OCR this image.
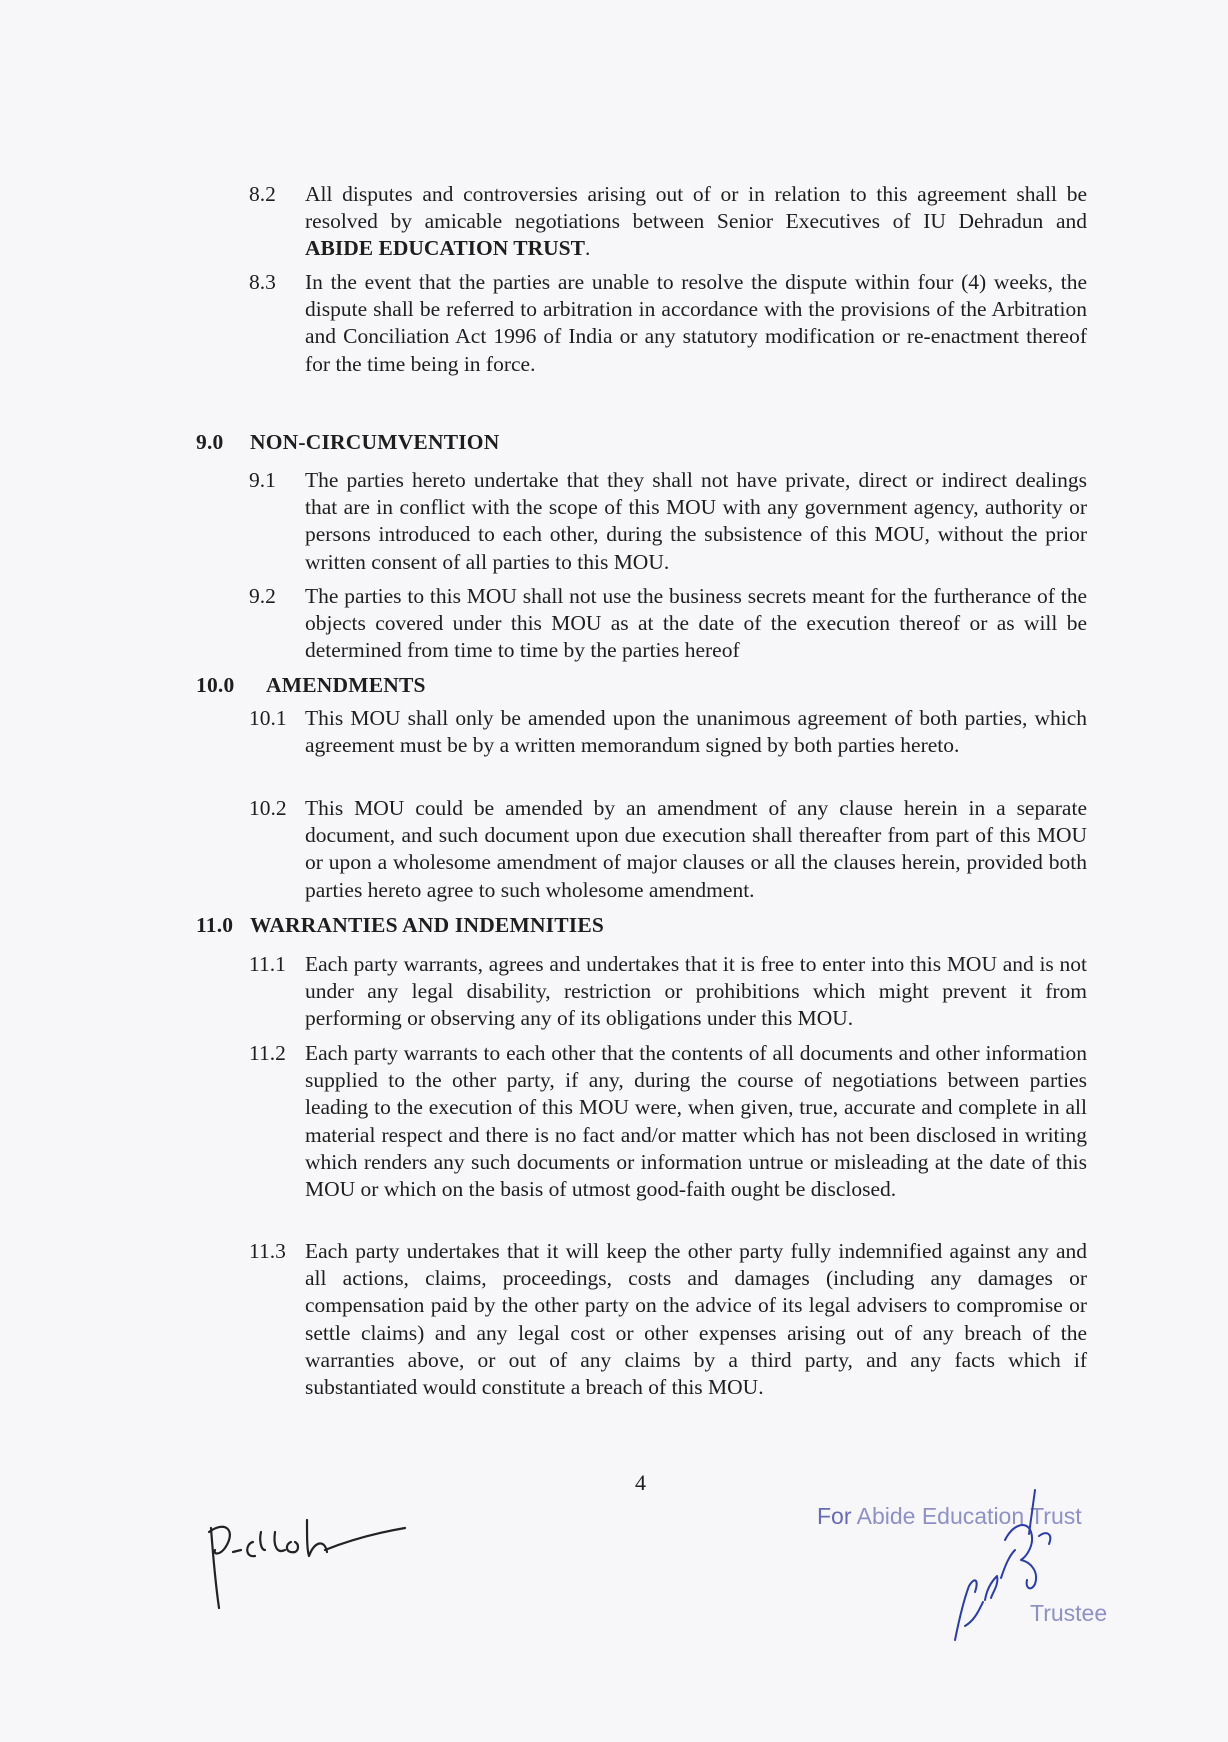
8.2	All disputes and controversies arising out of or in relation to this agreement shall be resolved by amicable negotiations between Senior Executives of IU Dehradun and ABIDE EDUCATION TRUST.
8.3	In the event that the parties are unable to resolve the dispute within four (4) weeks, the dispute shall be referred to arbitration in accordance with the provisions of the Arbitration and Conciliation Act 1996 of India or any statutory modification or re-enactment thereof for the time being in force.
9.0 NON-CIRCUMVENTION
9.1	The parties hereto undertake that they shall not have private, direct or indirect dealings that are in conflict with the scope of this MOU with any government agency, authority or persons introduced to each other, during the subsistence of this MOU, without the prior written consent of all parties to this MOU.
9.2	The parties to this MOU shall not use the business secrets meant for the furtherance of the objects covered under this MOU as at the date of the execution thereof or as will be determined from time to time by the parties hereof
10.0 AMENDMENTS
10.1 This MOU shall only be amended upon the unanimous agreement of both parties, which agreement must be by a written memorandum signed by both parties hereto.
10.2 This MOU could be amended by an amendment of any clause herein in a separate document, and such document upon due execution shall thereafter from part of this MOU or upon a wholesome amendment of major clauses or all the clauses herein, provided both parties hereto agree to such wholesome amendment.
11.0 WARRANTIES AND INDEMNITIES
11.1 Each party warrants, agrees and undertakes that it is free to enter into this MOU and is not under any legal disability, restriction or prohibitions which might prevent it from performing or observing any of its obligations under this MOU.
11.2 Each party warrants to each other that the contents of all documents and other information supplied to the other party, if any, during the course of negotiations between parties leading to the execution of this MOU were, when given, true, accurate and complete in all material respect and there is no fact and/or matter which has not been disclosed in writing which renders any such documents or information untrue or misleading at the date of this MOU or which on the basis of utmost good-faith ought be disclosed.
11.3 Each party undertakes that it will keep the other party fully indemnified against any and all actions, claims, proceedings, costs and damages (including any damages or compensation paid by the other party on the advice of its legal advisers to compromise or settle claims) and any legal cost or other expenses arising out of any breach of the warranties above, or out of any claims by a third party, and any facts which if substantiated would constitute a breach of this MOU.
4
For Abide Education Trust
Trustee
